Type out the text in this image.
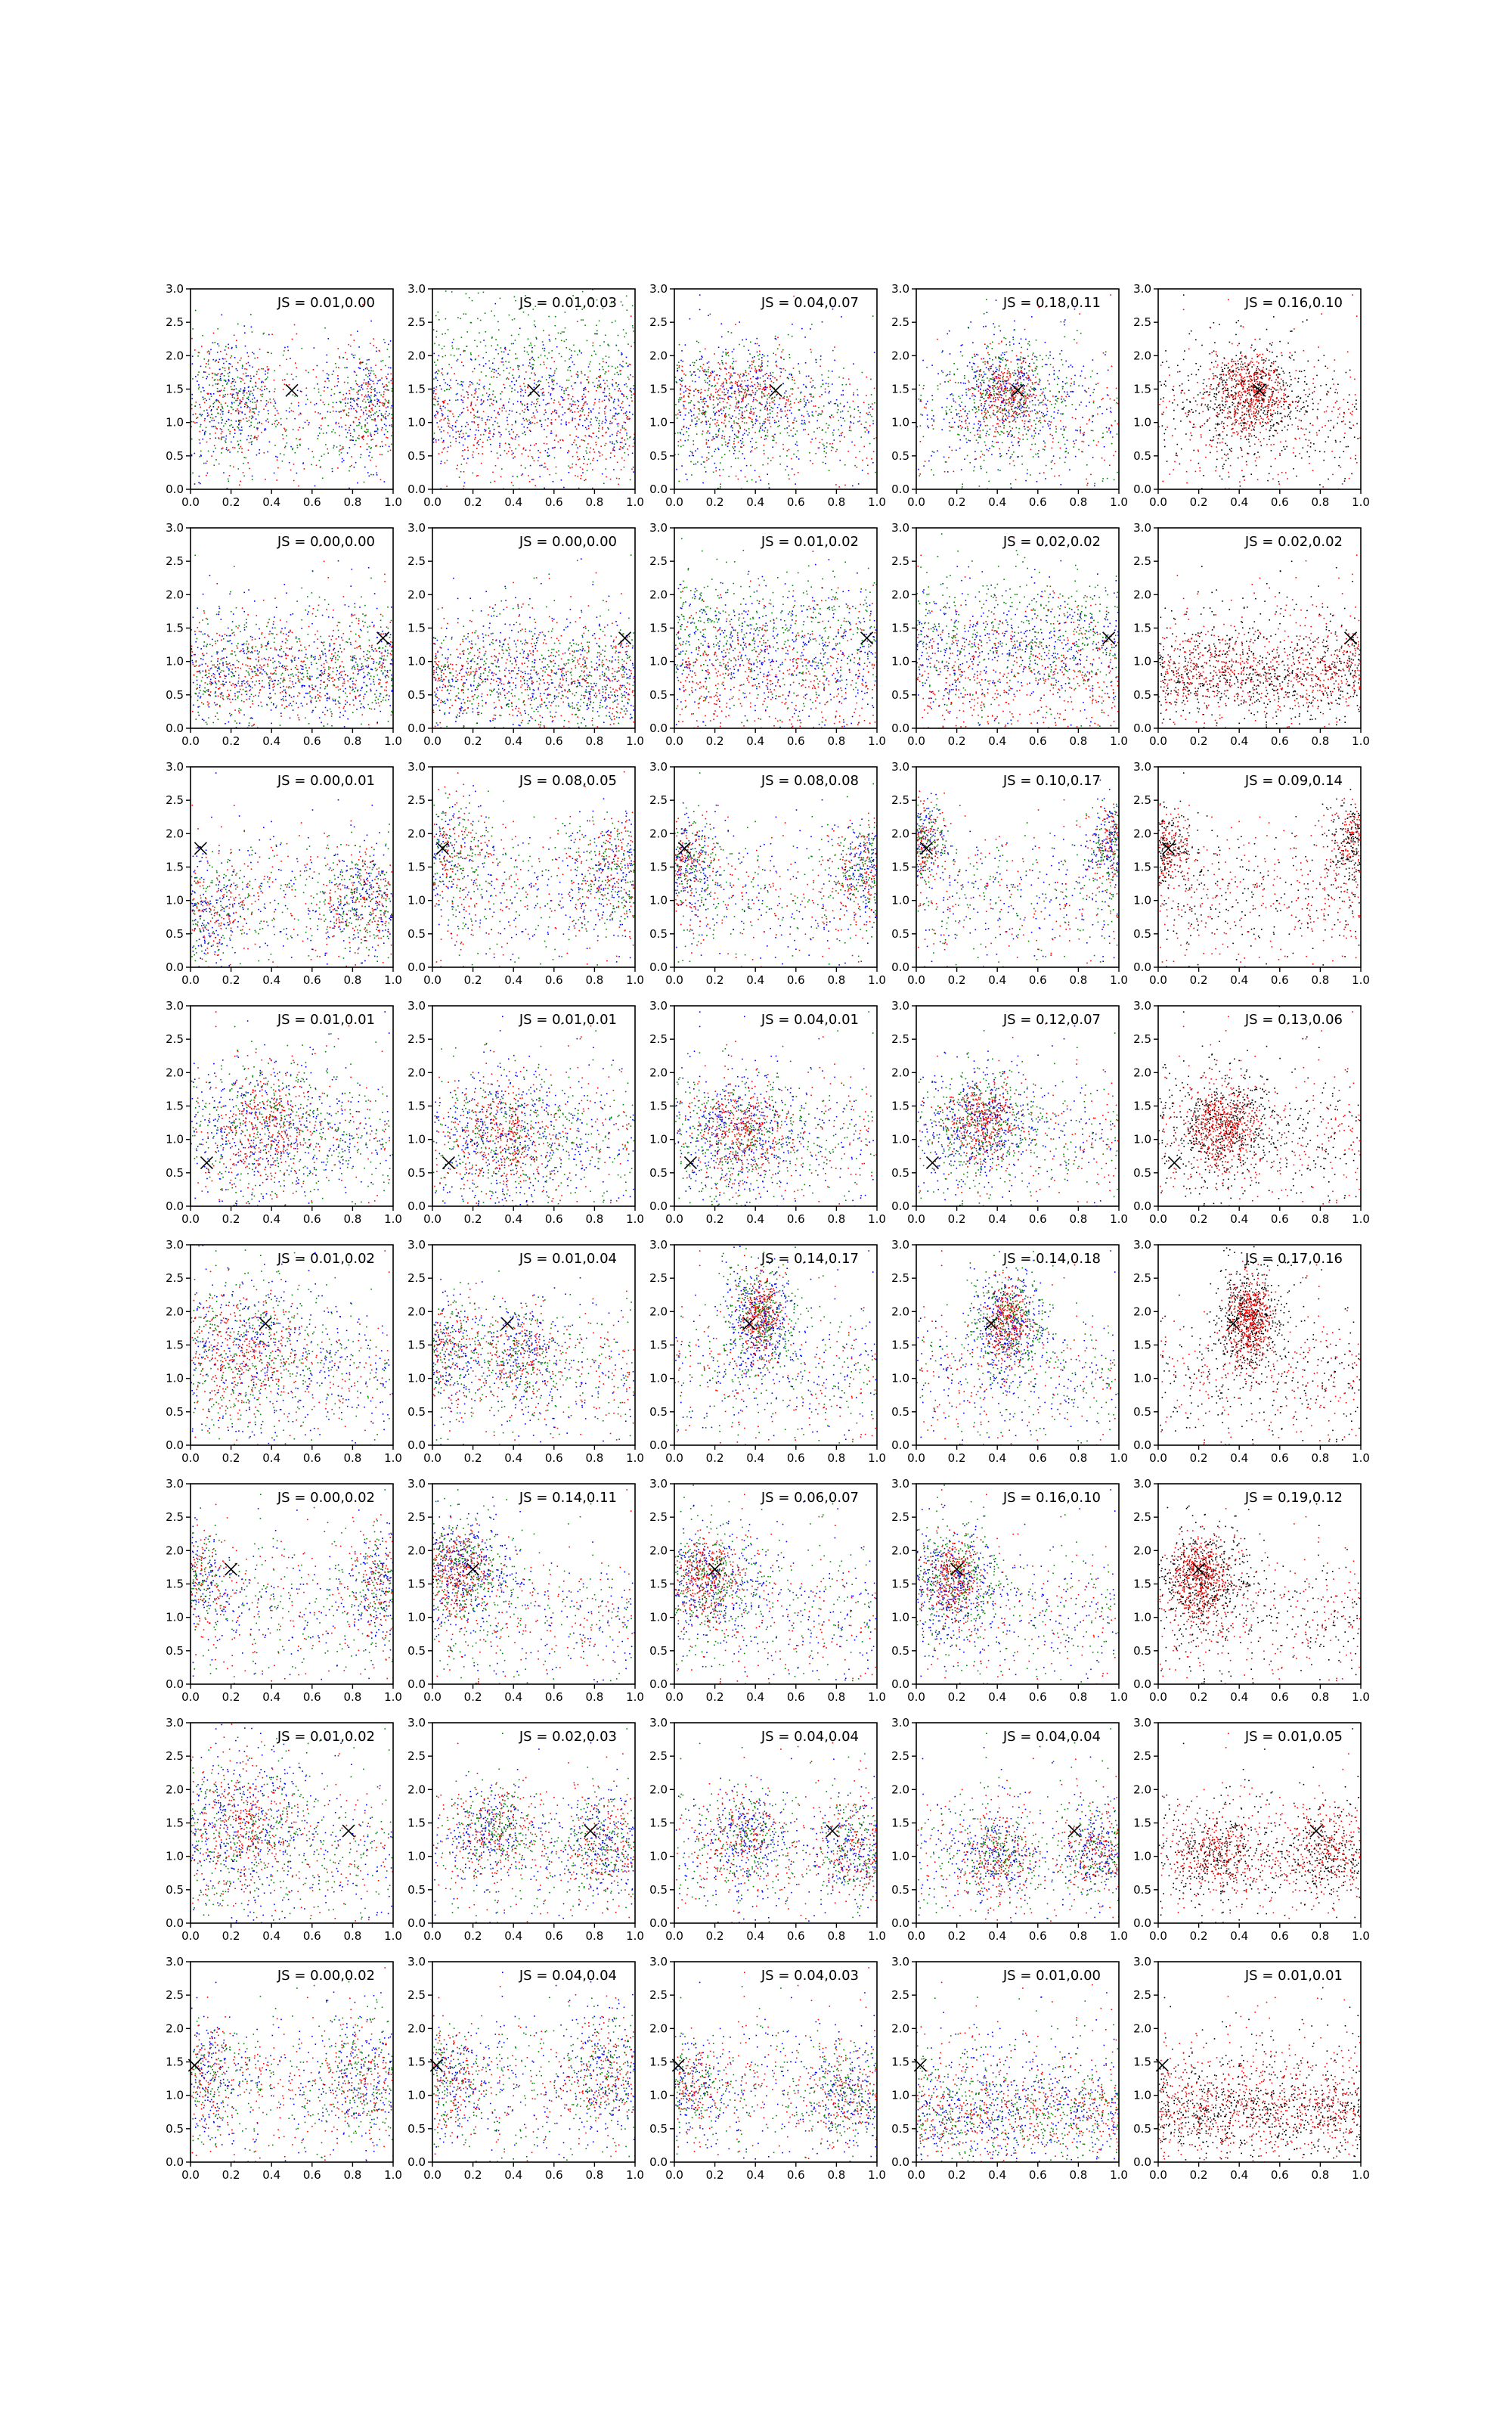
0.0 0.2 0.4 0.6 0.8 1.0
0.0
0.5
1.0
1.5
2.0
2.5
3.0
JS = 0.01,0.00
0.0 0.2 0.4 0.6 0.8 1.0
0.0
0.5
1.0
1.5
2.0
2.5
3.0
JS = 0.01,0.03
0.0 0.2 0.4 0.6 0.8 1.0
0.0
0.5
1.0
1.5
2.0
2.5
3.0
JS = 0.04,0.07
0.0 0.2 0.4 0.6 0.8 1.0
0.0
0.5
1.0
1.5
2.0
2.5
3.0
JS = 0.18,0.11
0.0 0.2 0.4 0.6 0.8 1.0
0.0
0.5
1.0
1.5
2.0
2.5
3.0
JS = 0.16,0.10
0.0 0.2 0.4 0.6 0.8 1.0
0.0
0.5
1.0
1.5
2.0
2.5
3.0
JS = 0.00,0.00
0.0 0.2 0.4 0.6 0.8 1.0
0.0
0.5
1.0
1.5
2.0
2.5
3.0
JS = 0.00,0.00
0.0 0.2 0.4 0.6 0.8 1.0
0.0
0.5
1.0
1.5
2.0
2.5
3.0
JS = 0.01,0.02
0.0 0.2 0.4 0.6 0.8 1.0
0.0
0.5
1.0
1.5
2.0
2.5
3.0
JS = 0.02,0.02
0.0 0.2 0.4 0.6 0.8 1.0
0.0
0.5
1.0
1.5
2.0
2.5
3.0
JS = 0.02,0.02
0.0 0.2 0.4 0.6 0.8 1.0
0.0
0.5
1.0
1.5
2.0
2.5
3.0
JS = 0.00,0.01
0.0 0.2 0.4 0.6 0.8 1.0
0.0
0.5
1.0
1.5
2.0
2.5
3.0
JS = 0.08,0.05
0.0 0.2 0.4 0.6 0.8 1.0
0.0
0.5
1.0
1.5
2.0
2.5
3.0
JS = 0.08,0.08
0.0 0.2 0.4 0.6 0.8 1.0
0.0
0.5
1.0
1.5
2.0
2.5
3.0
JS = 0.10,0.17
0.0 0.2 0.4 0.6 0.8 1.0
0.0
0.5
1.0
1.5
2.0
2.5
3.0
JS = 0.09,0.14
0.0 0.2 0.4 0.6 0.8 1.0
0.0
0.5
1.0
1.5
2.0
2.5
3.0
JS = 0.01,0.01
0.0 0.2 0.4 0.6 0.8 1.0
0.0
0.5
1.0
1.5
2.0
2.5
3.0
JS = 0.01,0.01
0.0 0.2 0.4 0.6 0.8 1.0
0.0
0.5
1.0
1.5
2.0
2.5
3.0
JS = 0.04,0.01
0.0 0.2 0.4 0.6 0.8 1.0
0.0
0.5
1.0
1.5
2.0
2.5
3.0
JS = 0.12,0.07
0.0 0.2 0.4 0.6 0.8 1.0
0.0
0.5
1.0
1.5
2.0
2.5
3.0
JS = 0.13,0.06
0.0 0.2 0.4 0.6 0.8 1.0
0.0
0.5
1.0
1.5
2.0
2.5
3.0
JS = 0.01,0.02
0.0 0.2 0.4 0.6 0.8 1.0
0.0
0.5
1.0
1.5
2.0
2.5
3.0
JS = 0.01,0.04
0.0 0.2 0.4 0.6 0.8 1.0
0.0
0.5
1.0
1.5
2.0
2.5
3.0
JS = 0.14,0.17
0.0 0.2 0.4 0.6 0.8 1.0
0.0
0.5
1.0
1.5
2.0
2.5
3.0
JS = 0.14,0.18
0.0 0.2 0.4 0.6 0.8 1.0
0.0
0.5
1.0
1.5
2.0
2.5
3.0
JS = 0.17,0.16
0.0 0.2 0.4 0.6 0.8 1.0
0.0
0.5
1.0
1.5
2.0
2.5
3.0
JS = 0.00,0.02
0.0 0.2 0.4 0.6 0.8 1.0
0.0
0.5
1.0
1.5
2.0
2.5
3.0
JS = 0.14,0.11
0.0 0.2 0.4 0.6 0.8 1.0
0.0
0.5
1.0
1.5
2.0
2.5
3.0
JS = 0.06,0.07
0.0 0.2 0.4 0.6 0.8 1.0
0.0
0.5
1.0
1.5
2.0
2.5
3.0
JS = 0.16,0.10
0.0 0.2 0.4 0.6 0.8 1.0
0.0
0.5
1.0
1.5
2.0
2.5
3.0
JS = 0.19,0.12
0.0 0.2 0.4 0.6 0.8 1.0
0.0
0.5
1.0
1.5
2.0
2.5
3.0
JS = 0.01,0.02
0.0 0.2 0.4 0.6 0.8 1.0
0.0
0.5
1.0
1.5
2.0
2.5
3.0
JS = 0.02,0.03
0.0 0.2 0.4 0.6 0.8 1.0
0.0
0.5
1.0
1.5
2.0
2.5
3.0
JS = 0.04,0.04
0.0 0.2 0.4 0.6 0.8 1.0
0.0
0.5
1.0
1.5
2.0
2.5
3.0
JS = 0.04,0.04
0.0 0.2 0.4 0.6 0.8 1.0
0.0
0.5
1.0
1.5
2.0
2.5
3.0
JS = 0.01,0.05
0.0 0.2 0.4 0.6 0.8 1.0
0.0
0.5
1.0
1.5
2.0
2.5
3.0
JS = 0.00,0.02
0.0 0.2 0.4 0.6 0.8 1.0
0.0
0.5
1.0
1.5
2.0
2.5
3.0
JS = 0.04,0.04
0.0 0.2 0.4 0.6 0.8 1.0
0.0
0.5
1.0
1.5
2.0
2.5
3.0
JS = 0.04,0.03
0.0 0.2 0.4 0.6 0.8 1.0
0.0
0.5
1.0
1.5
2.0
2.5
3.0
JS = 0.01,0.00
0.0 0.2 0.4 0.6 0.8 1.0
0.0
0.5
1.0
1.5
2.0
2.5
3.0
JS = 0.01,0.01
